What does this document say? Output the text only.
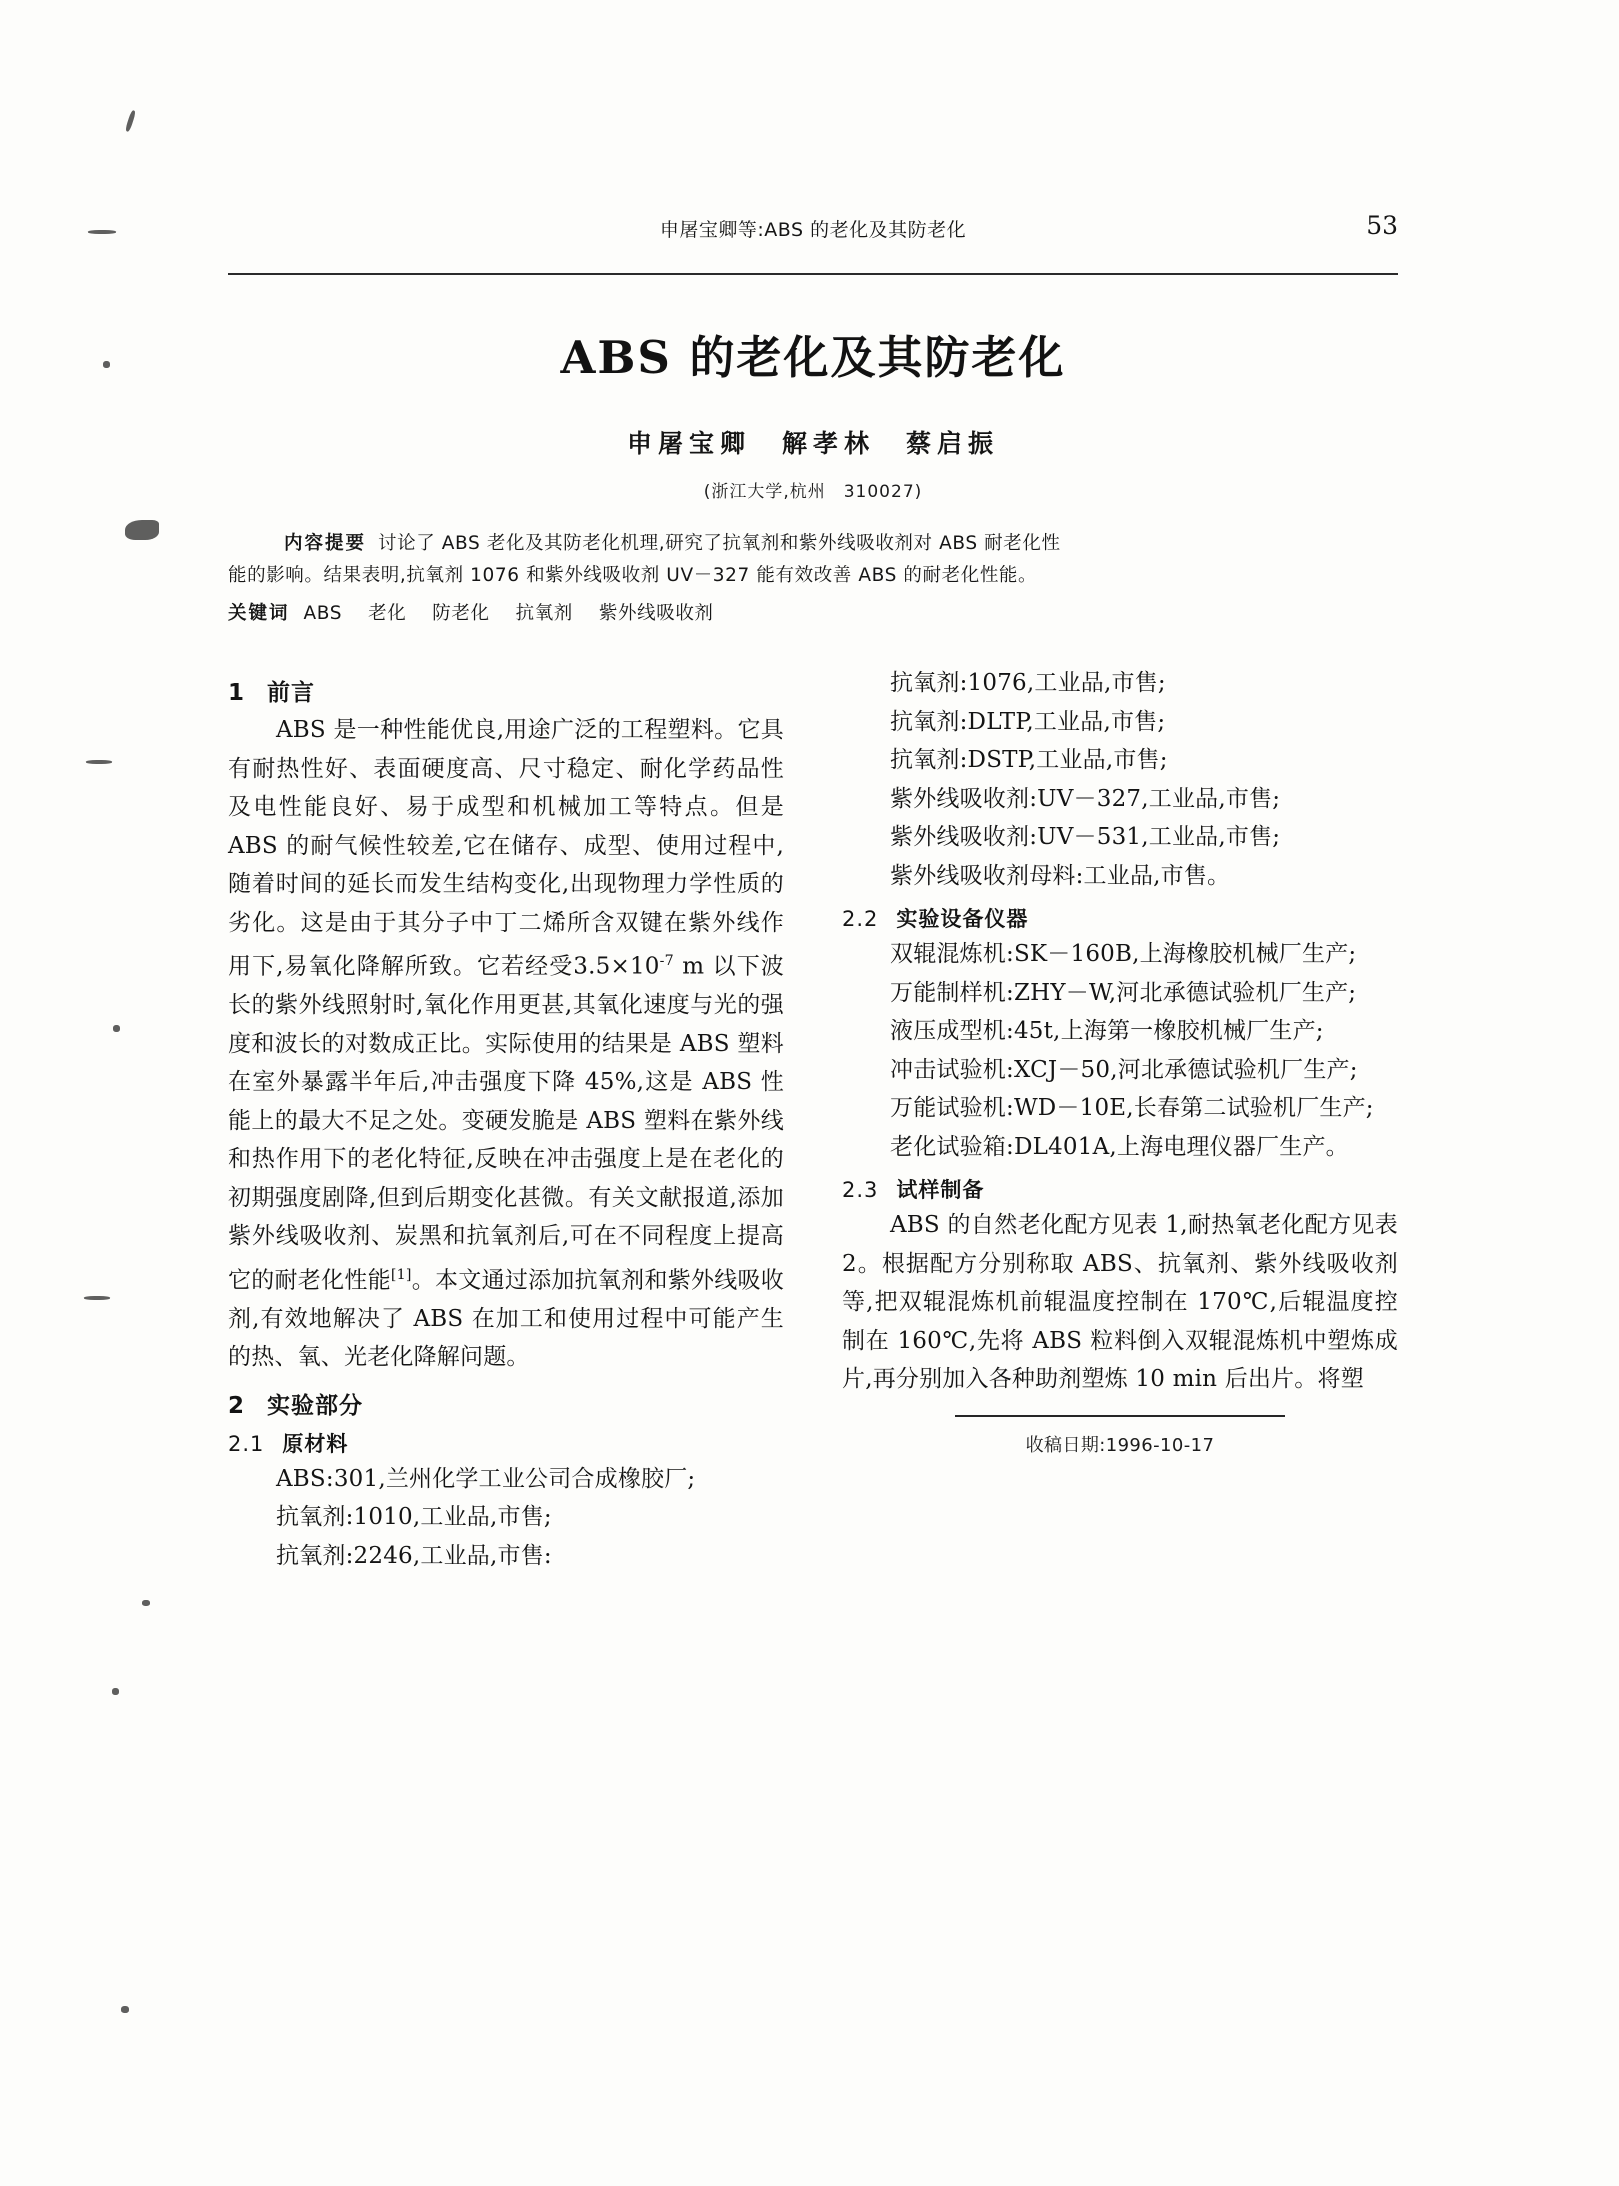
申屠宝卿等:ABS 的老化及其防老化	53
ABS 的老化及其防老化
申屠宝卿　解孝林　蔡启振
(浙江大学,杭州　310027)
内容提要 讨论了 ABS 老化及其防老化机理,研究了抗氧剂和紫外线吸收剂对 ABS 耐老化性
能的影响。结果表明,抗氧剂 1076 和紫外线吸收剂 UV－327 能有效改善 ABS 的耐老化性能。
关键词 ABS 老化 防老化 抗氧剂 紫外线吸收剂
1 前言

ABS 是一种性能优良,用途广泛的工程塑料。它具有耐热性好、表面硬度高、尺寸稳定、耐化学药品性及电性能良好、易于成型和机械加工等特点。但是 ABS 的耐气候性较差,它在储存、成型、使用过程中,随着时间的延长而发生结构变化,出现物理力学性质的劣化。这是由于其分子中丁二烯所含双键在紫外线作用下,易氧化降解所致。它若经受$3.5\times 10^{-7}$ m 以下波长的紫外线照射时,氧化作用更甚,其氧化速度与光的强度和波长的对数成正比。实际使用的结果是 ABS 塑料在室外暴露半年后,冲击强度下降 45%,这是 ABS 性能上的最大不足之处。变硬发脆是 ABS 塑料在紫外线和热作用下的老化特征,反映在冲击强度上是在老化的初期强度剧降,但到后期变化甚微。有关文献报道,添加紫外线吸收剂、炭黑和抗氧剂后,可在不同程度上提高它的耐老化性能[1]。本文通过添加抗氧剂和紫外线吸收剂,有效地解决了 ABS 在加工和使用过程中可能产生的热、氧、光老化降解问题。

2 实验部分
2.1 原材料

ABS:301,兰州化学工业公司合成橡胶厂;

抗氧剂:1010,工业品,市售;

抗氧剂:2246,工业品,市售:

抗氧剂:1076,工业品,市售;

抗氧剂:DLTP,工业品,市售;

抗氧剂:DSTP,工业品,市售;

紫外线吸收剂:UV－327,工业品,市售;

紫外线吸收剂:UV－531,工业品,市售;

紫外线吸收剂母料:工业品,市售。

2.2 实验设备仪器

双辊混炼机:SK－160B,上海橡胶机械厂生产;

万能制样机:ZHY－W,河北承德试验机厂生产;

液压成型机:45t,上海第一橡胶机械厂生产;

冲击试验机:XCJ－50,河北承德试验机厂生产;

万能试验机:WD－10E,长春第二试验机厂生产;

老化试验箱:DL401A,上海电理仪器厂生产。

2.3 试样制备

ABS 的自然老化配方见表 1,耐热氧老化配方见表 2。根据配方分别称取 ABS、抗氧剂、紫外线吸收剂等,把双辊混炼机前辊温度控制在 170℃,后辊温度控制在 160℃,先将 ABS 粒料倒入双辊混炼机中塑炼成片,再分别加入各种助剂塑炼 10 min 后出片。将塑

收稿日期:1996-10-17
